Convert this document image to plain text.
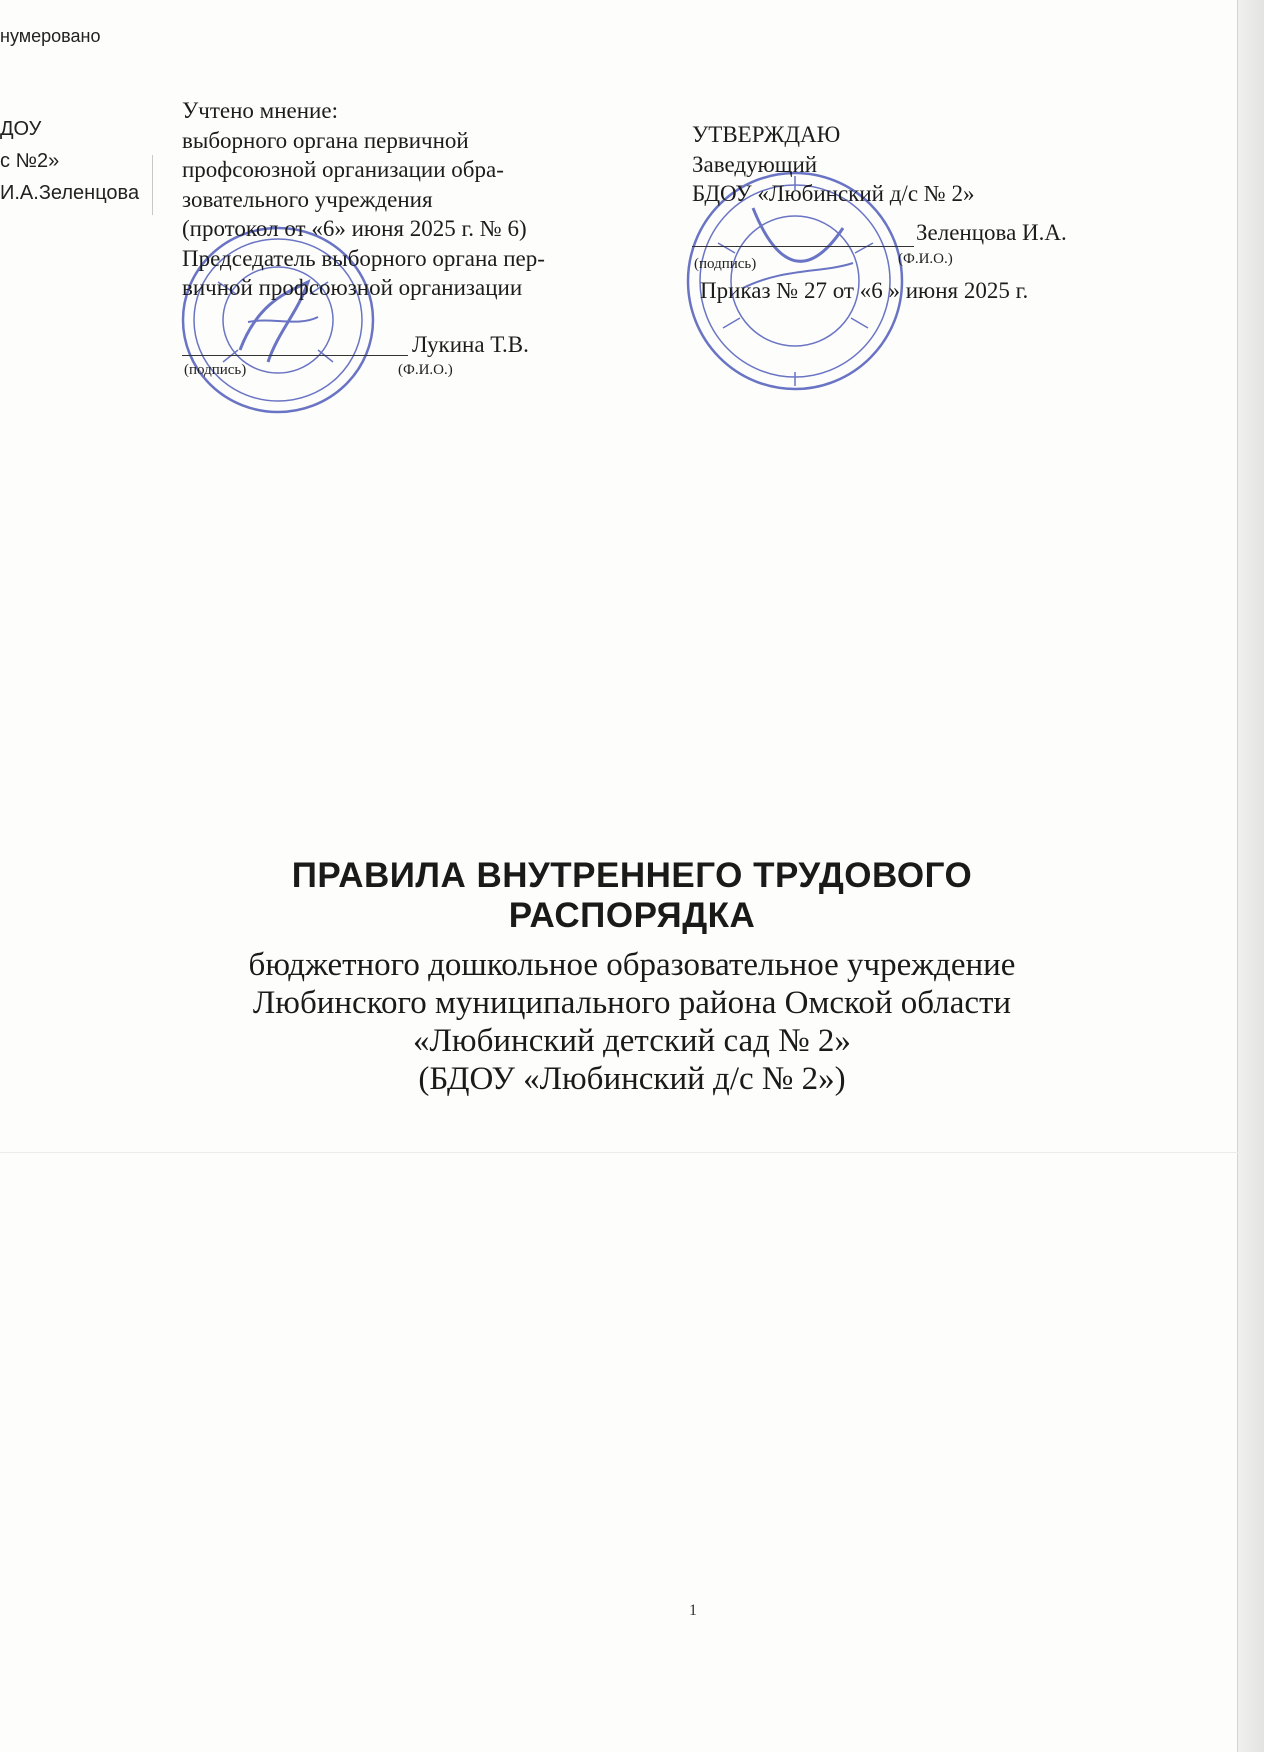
нумеровано
ДОУ
с №2»
И.А.Зеленцова
Учтено мнение:
выборного органа первичной
профсоюзной организации обра-
зовательного учреждения
(протокол от «6» июня 2025 г. № 6)
Председатель выборного органа пер-
вичной профсоюзной организации
Лукина Т.В.
(подпись)	(Ф.И.О.)
УТВЕРЖДАЮ
Заведующий
БДОУ «Любинский д/с № 2»
Зеленцова И.А.
(подпись)	(Ф.И.О.)
Приказ № 27 от «6 » июня 2025 г.
ПРАВИЛА ВНУТРЕННЕГО ТРУДОВОГО
РАСПОРЯДКА
бюджетного дошкольное образовательное учреждение
Любинского муниципального района Омской области
«Любинский детский сад № 2»
(БДОУ «Любинский д/с № 2»)
1
